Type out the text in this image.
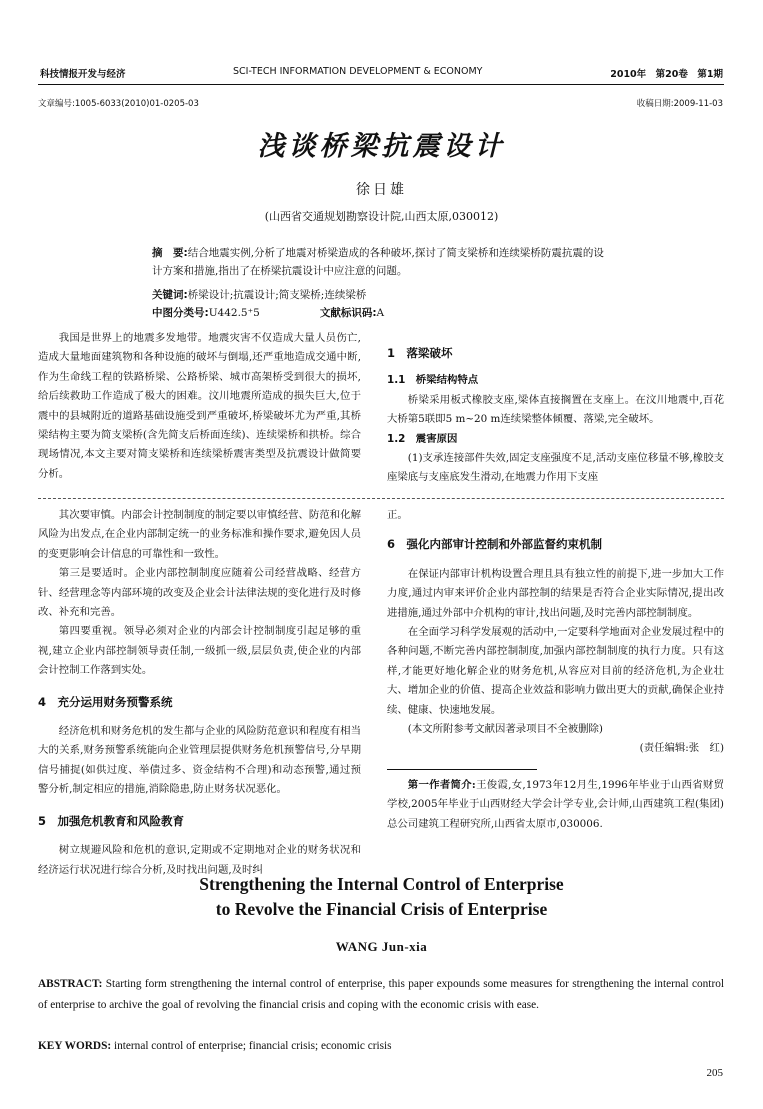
科技情报开发与经济	SCI-TECH INFORMATION DEVELOPMENT & ECONOMY	2010年　第20卷　第1期
文章编号:1005-6033(2010)01-0205-03	收稿日期:2009-11-03
浅谈桥梁抗震设计
徐日雄
(山西省交通规划勘察设计院,山西太原,030012)
摘　要:结合地震实例,分析了地震对桥梁造成的各种破坏,探讨了简支梁桥和连续梁桥防震抗震的设计方案和措施,指出了在桥梁抗震设计中应注意的问题。
关键词:桥梁设计;抗震设计;简支梁桥;连续梁桥
中图分类号:U442.5⁺5	文献标识码:A

我国是世界上的地震多发地带。地震灾害不仅造成大量人员伤亡,造成大量地面建筑物和各种设施的破坏与倒塌,还严重地造成交通中断,作为生命线工程的铁路桥梁、公路桥梁、城市高架桥受到很大的损坏,给后续救助工作造成了极大的困难。汶川地震所造成的损失巨大,位于震中的县城附近的道路基础设施受到严重破坏,桥梁破坏尤为严重,其桥梁结构主要为简支梁桥(含先简支后桥面连续)、连续梁桥和拱桥。综合现场情况,本文主要对简支梁桥和连续梁桥震害类型及抗震设计做简要分析。

1　落梁破坏
1.1　桥梁结构特点

桥梁采用板式橡胶支座,梁体直接搁置在支座上。在汶川地震中,百花大桥第5联即5 m~20 m连续梁整体倾覆、落梁,完全破坏。

1.2　震害原因

(1)支承连接部件失效,固定支座强度不足,活动支座位移量不够,橡胶支座梁底与支座底发生滑动,在地震力作用下支座

其次要审慎。内部会计控制制度的制定要以审慎经营、防范和化解风险为出发点,在企业内部制定统一的业务标准和操作要求,避免因人员的变更影响会计信息的可靠性和一致性。

第三是要适时。企业内部控制制度应随着公司经营战略、经营方针、经营理念等内部环境的改变及企业会计法律法规的变化进行及时修改、补充和完善。

第四要重视。领导必须对企业的内部会计控制制度引起足够的重视,建立企业内部控制领导责任制,一级抓一级,层层负责,使企业的内部会计控制工作落到实处。

4　充分运用财务预警系统

经济危机和财务危机的发生都与企业的风险防范意识和程度有相当大的关系,财务预警系统能向企业管理层提供财务危机预警信号,分早期信号捕捉(如供过度、举债过多、资金结构不合理)和动态预警,通过预警分析,制定相应的措施,消除隐患,防止财务状况恶化。

5　加强危机教育和风险教育

树立规避风险和危机的意识,定期或不定期地对企业的财务状况和经济运行状况进行综合分析,及时找出问题,及时纠

正。

6　强化内部审计控制和外部监督约束机制

在保证内部审计机构设置合理且具有独立性的前提下,进一步加大工作力度,通过内审来评价企业内部控制的结果是否符合企业实际情况,提出改进措施,通过外部中介机构的审计,找出问题,及时完善内部控制制度。

在全面学习科学发展观的活动中,一定要科学地面对企业发展过程中的各种问题,不断完善内部控制制度,加强内部控制制度的执行力度。只有这样,才能更好地化解企业的财务危机,从容应对目前的经济危机,为企业壮大、增加企业的价值、提高企业效益和影响力做出更大的贡献,确保企业持续、健康、快速地发展。

(本文所附参考文献因著录项目不全被删除)

(责任编辑:张　红)

第一作者简介:王俊霞,女,1973年12月生,1996年毕业于山西省财贸学校,2005年毕业于山西财经大学会计学专业,会计师,山西建筑工程(集团)总公司建筑工程研究所,山西省太原市,030006.

Strengthening the Internal Control of Enterprise
to Revolve the Financial Crisis of Enterprise
WANG Jun-xia
ABSTRACT: Starting form strengthening the internal control of enterprise, this paper expounds some measures for strengthening the internal control of enterprise to archive the goal of revolving the financial crisis and coping with the economic crisis with ease.
KEY WORDS: internal control of enterprise; financial crisis; economic crisis
205
